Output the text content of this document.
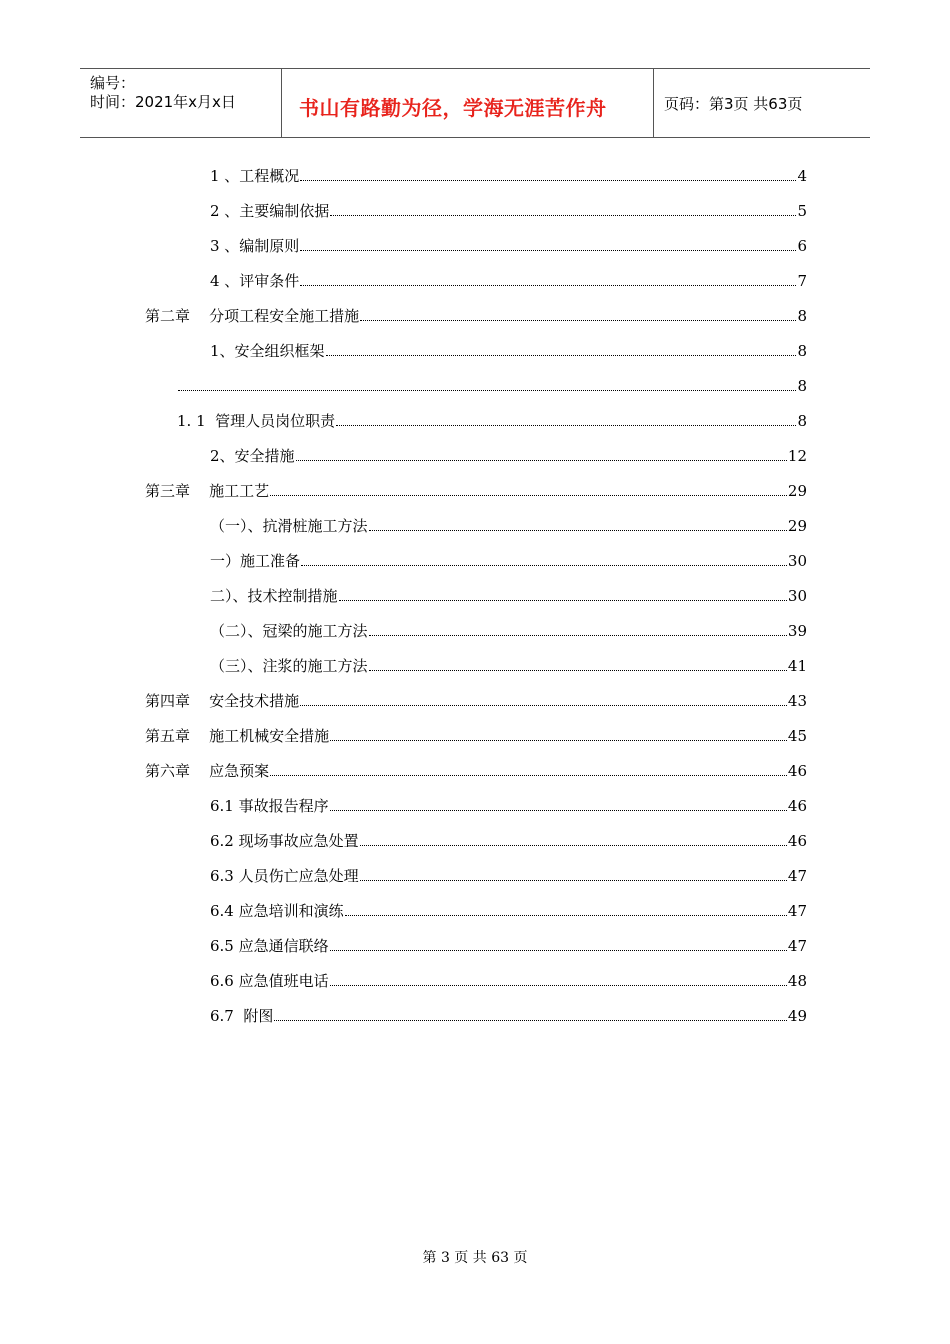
编号：
时间：2021年x月x日	书山有路勤为径，学海无涯苦作舟	页码：第3页 共63页
1 、工程概况	4
2 、主要编制依据	5
3 、编制原则	6
4 、评审条件	7
第二章    分项工程安全施工措施	8
1、安全组织框架	8
8
1. 1  管理人员岗位职责	8
2、安全措施	12
第三章    施工工艺	29
（一）、抗滑桩施工方法	29
一）施工准备	30
二）、技术控制措施	30
（二）、冠梁的施工方法	39
（三）、注浆的施工方法	41
第四章    安全技术措施	43
第五章    施工机械安全措施	45
第六章    应急预案	46
6.1 事故报告程序	46
6.2 现场事故应急处置	46
6.3 人员伤亡应急处理	47
6.4 应急培训和演练	47
6.5 应急通信联络	47
6.6 应急值班电话	48
6.7  附图	49
第 3 页 共 63 页
